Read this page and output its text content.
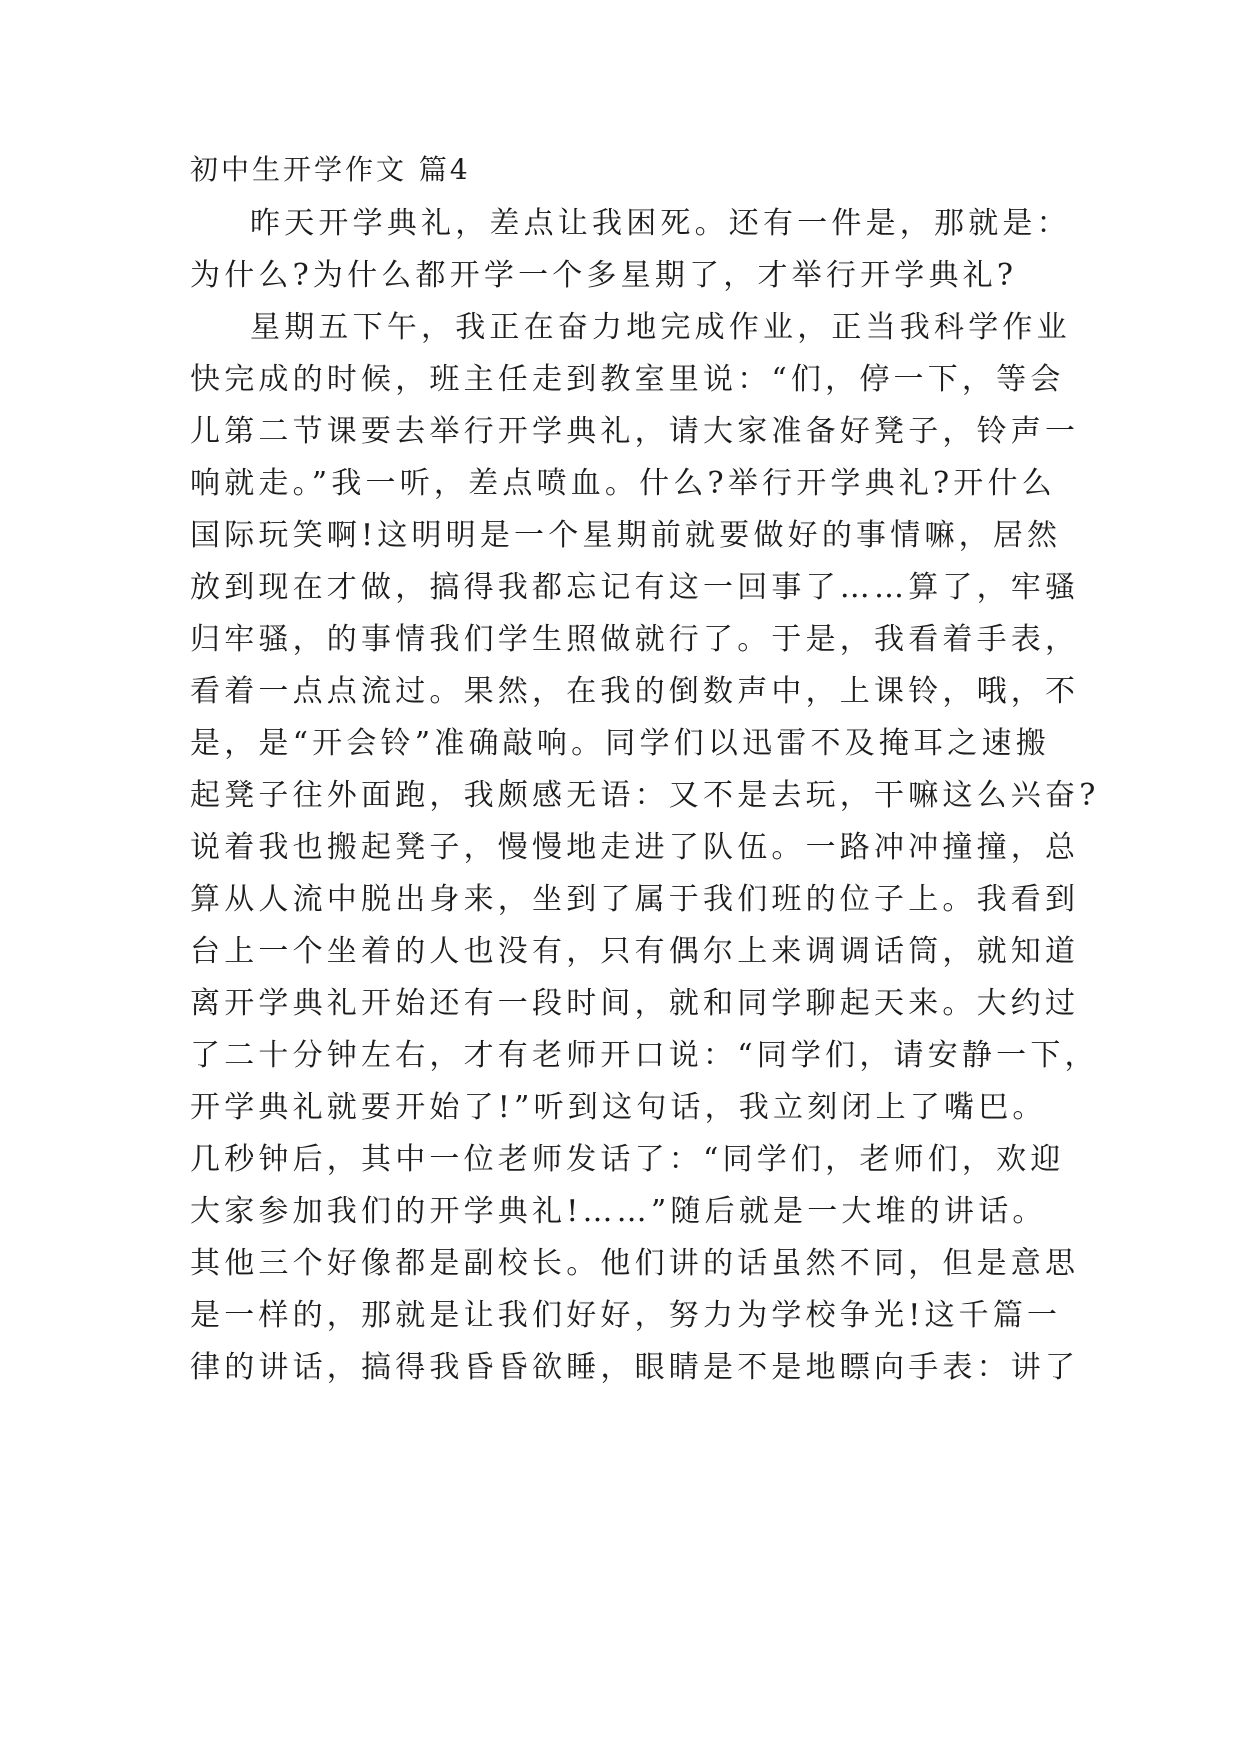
初中生开学作文 篇4
昨天开学典礼，差点让我困死。还有一件是，那就是：
为什么?为什么都开学一个多星期了，才举行开学典礼?
星期五下午，我正在奋力地完成作业，正当我科学作业
快完成的时候，班主任走到教室里说：“们，停一下，等会
儿第二节课要去举行开学典礼，请大家准备好凳子，铃声一
响就走。”我一听，差点喷血。什么?举行开学典礼?开什么
国际玩笑啊!这明明是一个星期前就要做好的事情嘛，居然
放到现在才做，搞得我都忘记有这一回事了……算了，牢骚
归牢骚，的事情我们学生照做就行了。于是，我看着手表，
看着一点点流过。果然，在我的倒数声中，上课铃，哦，不
是，是“开会铃”准确敲响。同学们以迅雷不及掩耳之速搬
起凳子往外面跑，我颇感无语：又不是去玩，干嘛这么兴奋?
说着我也搬起凳子，慢慢地走进了队伍。一路冲冲撞撞，总
算从人流中脱出身来，坐到了属于我们班的位子上。我看到
台上一个坐着的人也没有，只有偶尔上来调调话筒，就知道
离开学典礼开始还有一段时间，就和同学聊起天来。大约过
了二十分钟左右，才有老师开口说：“同学们，请安静一下，
开学典礼就要开始了!”听到这句话，我立刻闭上了嘴巴。
几秒钟后，其中一位老师发话了：“同学们，老师们，欢迎
大家参加我们的开学典礼!……”随后就是一大堆的讲话。
其他三个好像都是副校长。他们讲的话虽然不同，但是意思
是一样的，那就是让我们好好，努力为学校争光!这千篇一
律的讲话，搞得我昏昏欲睡，眼睛是不是地瞟向手表：讲了
